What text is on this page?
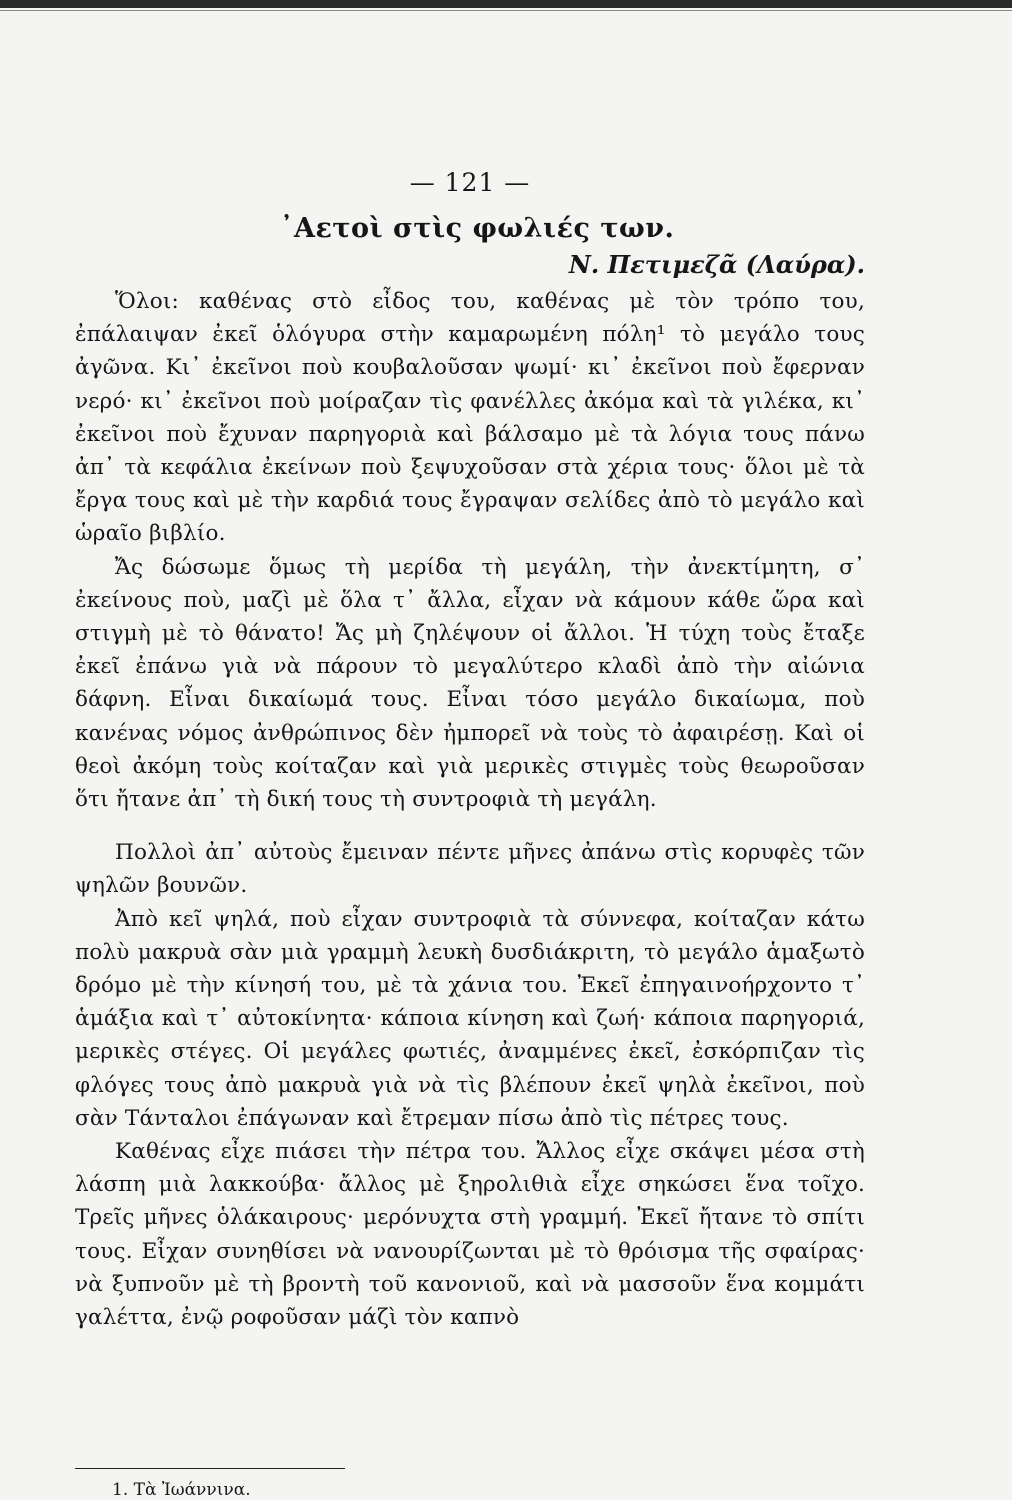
— 121 —
᾿Αετοὶ στὶς φωλιές των.
Ν. Πετιμεζᾶ (Λαύρα).

Ὅλοι: καθένας στὸ εἶδος του, καθένας μὲ τὸν τρόπο του, ἐπάλαιψαν ἐκεῖ ὁλόγυρα στὴν καμαρωμένη πόλη¹ τὸ μεγάλο τους ἀγῶνα. Κι᾿ ἐκεῖνοι ποὺ κουβαλοῦσαν ψωμί· κι᾿ ἐκεῖνοι ποὺ ἔφερναν νερό· κι᾿ ἐκεῖνοι ποὺ μοίραζαν τὶς φανέλλες ἀκόμα καὶ τὰ γιλέκα, κι᾿ ἐκεῖνοι ποὺ ἔχυναν παρηγοριὰ καὶ βάλσαμο μὲ τὰ λόγια τους πάνω ἀπ᾿ τὰ κεφάλια ἐκείνων ποὺ ξεψυχοῦσαν στὰ χέρια τους· ὅλοι μὲ τὰ ἔργα τους καὶ μὲ τὴν καρδιά τους ἔγραψαν σελίδες ἀπὸ τὸ μεγάλο καὶ ὡραῖο βιβλίο.

Ἄς δώσωμε ὅμως τὴ μερίδα τὴ μεγάλη, τὴν ἀνεκτίμητη, σ᾿ ἐκείνους ποὺ, μαζὶ μὲ ὅλα τ᾿ ἄλλα, εἶχαν νὰ κάμουν κάθε ὥρα καὶ στιγμὴ μὲ τὸ θάνατο! Ἄς μὴ ζηλέψουν οἱ ἄλλοι. Ἡ τύχη τοὺς ἔταξε ἐκεῖ ἐπάνω γιὰ νὰ πάρουν τὸ μεγαλύτερο κλαδὶ ἀπὸ τὴν αἰώνια δάφνη. Εἶναι δικαίωμά τους. Εἶναι τόσο μεγάλο δικαίωμα, ποὺ κανένας νόμος ἀνθρώπινος δὲν ἠμπορεῖ νὰ τοὺς τὸ ἀφαιρέσῃ. Καὶ οἱ θεοὶ ἀκόμη τοὺς κοίταζαν καὶ γιὰ μερικὲς στιγμὲς τοὺς θεωροῦσαν ὅτι ἤτανε ἀπ᾿ τὴ δική τους τὴ συντροφιὰ τὴ μεγάλη.

Πολλοὶ ἀπ᾿ αὐτοὺς ἔμειναν πέντε μῆνες ἀπάνω στὶς κορυφὲς τῶν ψηλῶν βουνῶν.

Ἀπὸ κεῖ ψηλά, ποὺ εἶχαν συντροφιὰ τὰ σύννεφα, κοίταζαν κάτω πολὺ μακρυὰ σὰν μιὰ γραμμὴ λευκὴ δυσδιάκριτη, τὸ μεγάλο ἁμαξωτὸ δρόμο μὲ τὴν κίνησή του, μὲ τὰ χάνια του. Ἐκεῖ ἐπηγαινοήρχοντο τ᾿ ἁμάξια καὶ τ᾿ αὐτοκίνητα· κάποια κίνηση καὶ ζωή· κάποια παρηγοριά, μερικὲς στέγες. Οἱ μεγάλες φωτιές, ἀναμμένες ἐκεῖ, ἐσκόρπιζαν τὶς φλόγες τους ἀπὸ μακρυὰ γιὰ νὰ τὶς βλέπουν ἐκεῖ ψηλὰ ἐκεῖνοι, ποὺ σὰν Τάνταλοι ἐπάγωναν καὶ ἔτρεμαν πίσω ἀπὸ τὶς πέτρες τους.

Καθένας εἶχε πιάσει τὴν πέτρα του. Ἄλλος εἶχε σκάψει μέσα στὴ λάσπη μιὰ λακκούβα· ἄλλος μὲ ξηρολιθιὰ εἶχε σηκώσει ἕνα τοῖχο. Τρεῖς μῆνες ὁλάκαιρους· μερόνυχτα στὴ γραμμή. Ἐκεῖ ἤτανε τὸ σπίτι τους. Εἶχαν συνηθίσει νὰ νανουρίζωνται μὲ τὸ θρόισμα τῆς σφαίρας· νὰ ξυπνοῦν μὲ τὴ βροντὴ τοῦ κανονιοῦ, καὶ νὰ μασσοῦν ἕνα κομμάτι γαλέττα, ἐνῷ ροφοῦσαν μάζὶ τὸν καπνὸ

1. Τὰ Ἰωάννινα.
